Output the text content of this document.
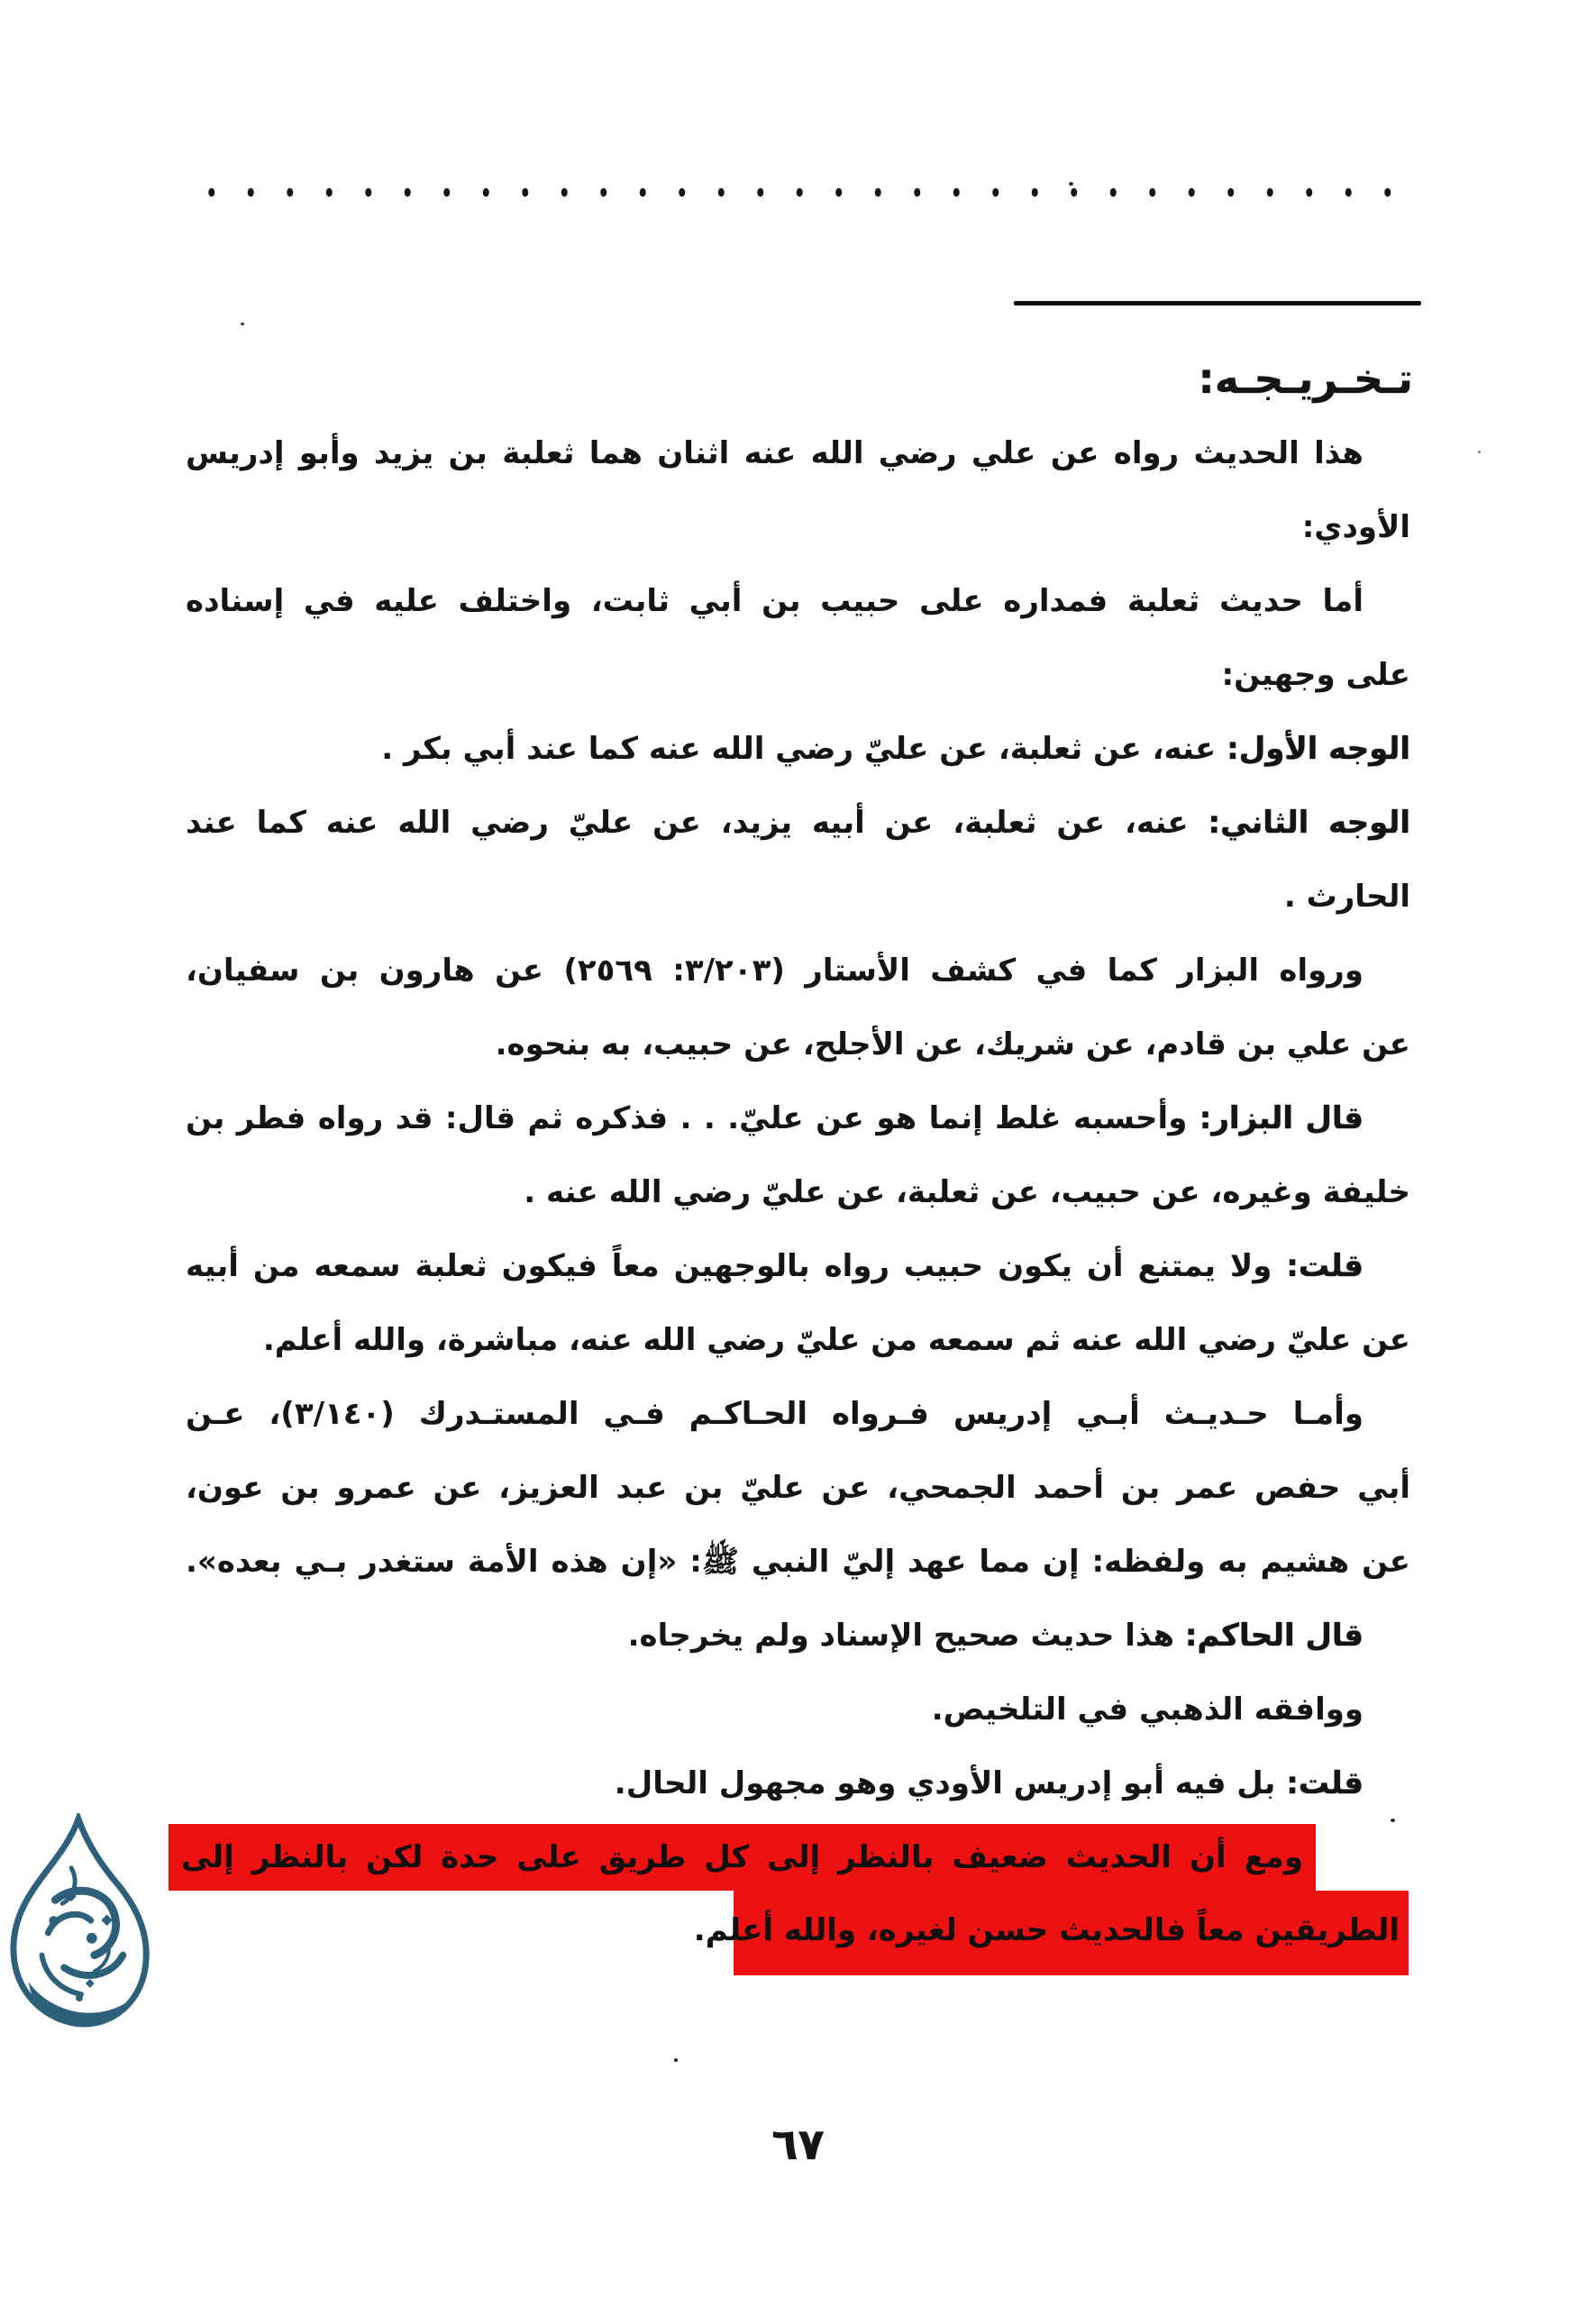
تـخـريـجـه:
هذا الحديث رواه عن علي رضي الله عنه اثنان هما ثعلبة بن يزيد وأبو إدريس
الأودي:
أما حديث ثعلبة فمداره على حبيب بن أبي ثابت، واختلف عليه في إسناده
على وجهين:
الوجه الأول: عنه، عن ثعلبة، عن عليّ رضي الله عنه كما عند أبي بكر .
الوجه الثاني: عنه، عن ثعلبة، عن أبيه يزيد، عن عليّ رضي الله عنه كما عند
الحارث .
ورواه البزار كما في كشف الأستار (٣/٢٠٣: ٢٥٦٩) عن هارون بن سفيان،
عن علي بن قادم، عن شريك، عن الأجلح، عن حبيب، به بنحوه.
قال البزار: وأحسبه غلط إنما هو عن عليّ. . . فذكره ثم قال: قد رواه فطر بن
خليفة وغيره، عن حبيب، عن ثعلبة، عن عليّ رضي الله عنه .
قلت: ولا يمتنع أن يكون حبيب رواه بالوجهين معاً فيكون ثعلبة سمعه من أبيه
عن عليّ رضي الله عنه ثم سمعه من عليّ رضي الله عنه، مباشرة، والله أعلم.
وأمـا حـديـث أبـي إدريس فـرواه الحـاكـم فـي المستـدرك (٣/١٤٠)، عـن
أبي حفص عمر بن أحمد الجمحي، عن عليّ بن عبد العزيز، عن عمرو بن عون،
عن هشيم به ولفظه: إن مما عهد إليّ النبي ﷺ: «إن هذه الأمة ستغدر بـي بعده».
قال الحاكم: هذا حديث صحيح الإسناد ولم يخرجاه.
ووافقه الذهبي في التلخيص.
قلت: بل فيه أبو إدريس الأودي وهو مجهول الحال.
ومع أن الحديث ضعيف بالنظر إلى كل طريق على حدة لكن بالنظر إلى
الطريقين معاً فالحديث حسن لغيره، والله أعلم.
٦٧
